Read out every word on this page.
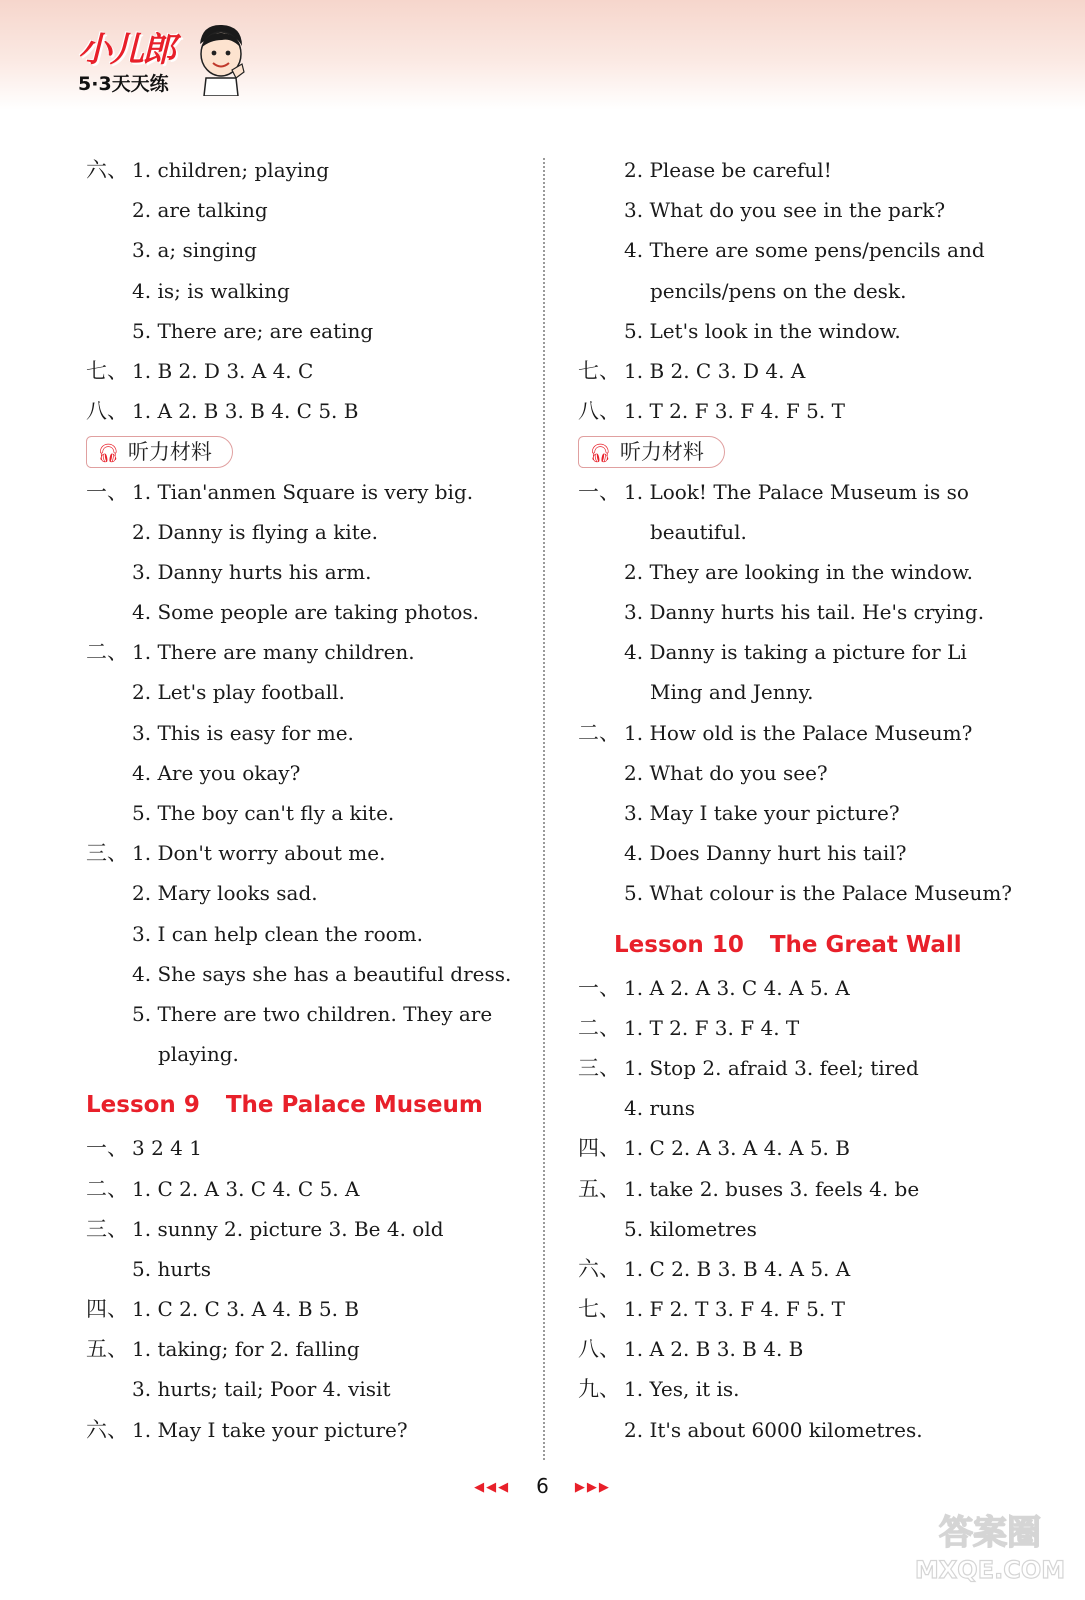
小儿郎
5·3天天练
六、 1. children; playing
2. are talking
3. a; singing
4. is; is walking
5. There are; are eating
七、 1. B 2. D 3. A 4. C
八、 1. A 2. B 3. B 4. C 5. B
🎧︎ 听力材料
一、 1. Tian'anmen Square is very big.
2. Danny is flying a kite.
3. Danny hurts his arm.
4. Some people are taking photos.
二、 1. There are many children.
2. Let's play football.
3. This is easy for me.
4. Are you okay?
5. The boy can't fly a kite.
三、 1. Don't worry about me.
2. Mary looks sad.
3. I can help clean the room.
4. She says she has a beautiful dress.
5. There are two children. They are
playing.
Lesson 9 The Palace Museum
一、 3 2 4 1
二、 1. C 2. A 3. C 4. C 5. A
三、 1. sunny 2. picture 3. Be 4. old
5. hurts
四、 1. C 2. C 3. A 4. B 5. B
五、 1. taking; for 2. falling
3. hurts; tail; Poor 4. visit
六、 1. May I take your picture?
2. Please be careful!
3. What do you see in the park?
4. There are some pens/pencils and
pencils/pens on the desk.
5. Let's look in the window.
七、 1. B 2. C 3. D 4. A
八、 1. T 2. F 3. F 4. F 5. T
🎧︎ 听力材料
一、 1. Look! The Palace Museum is so
beautiful.
2. They are looking in the window.
3. Danny hurts his tail. He's crying.
4. Danny is taking a picture for Li
Ming and Jenny.
二、 1. How old is the Palace Museum?
2. What do you see?
3. May I take your picture?
4. Does Danny hurt his tail?
5. What colour is the Palace Museum?
Lesson 10 The Great Wall
一、 1. A 2. A 3. C 4. A 5. A
二、 1. T 2. F 3. F 4. T
三、 1. Stop 2. afraid 3. feel; tired
4. runs
四、 1. C 2. A 3. A 4. A 5. B
五、 1. take 2. buses 3. feels 4. be
5. kilometres
六、 1. C 2. B 3. B 4. A 5. A
七、 1. F 2. T 3. F 4. F 5. T
八、 1. A 2. B 3. B 4. B
九、 1. Yes, it is.
2. It's about 6000 kilometres.
◀◀◀ 6 ▶▶▶
答案圈
MXQE.COM
